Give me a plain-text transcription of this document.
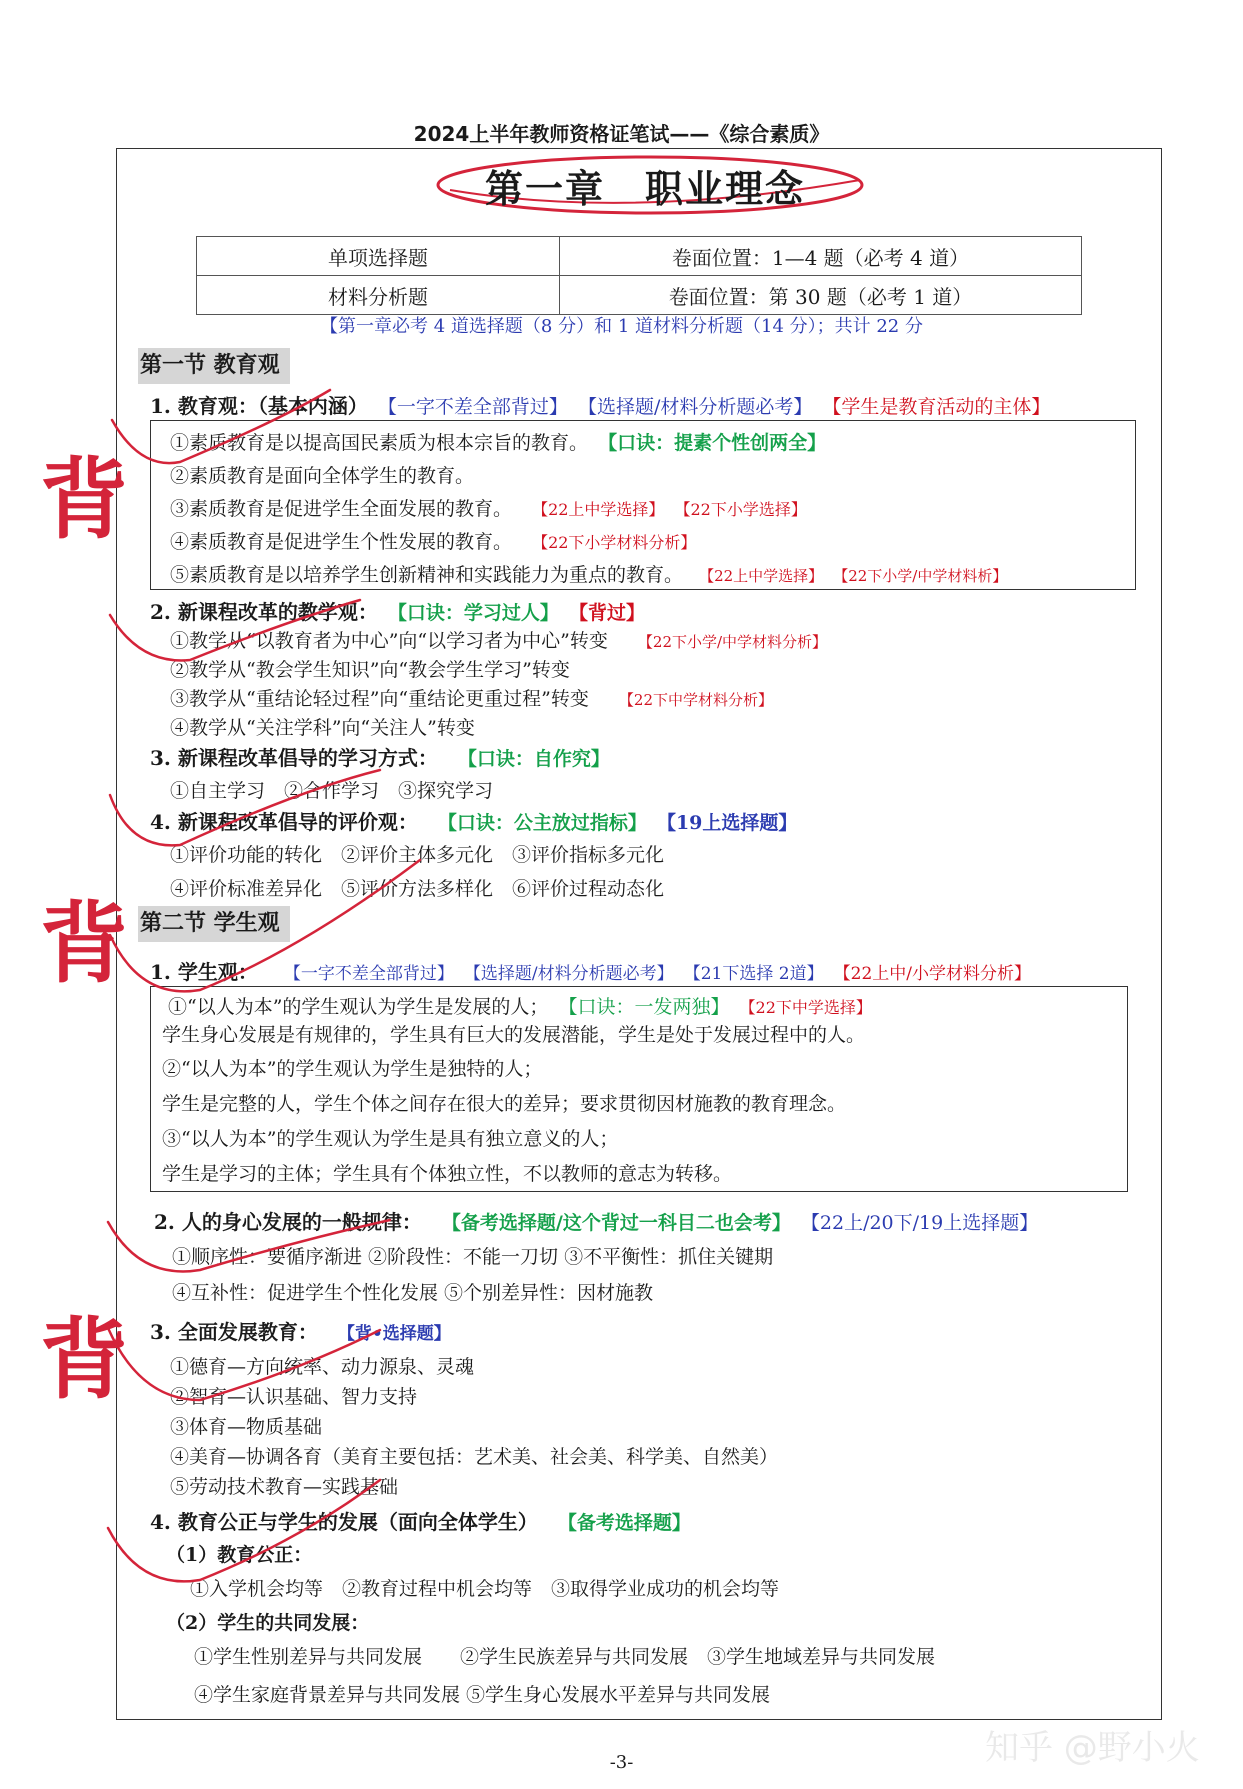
2024上半年教师资格证笔试——《综合素质》
第一章　职业理念
单项选择题	卷面位置：1—4 题（必考 4 道）
材料分析题	卷面位置：第 30 题（必考 1 道）
【第一章必考 4 道选择题（8 分）和 1 道材料分析题（14 分）；共计 22 分
第一节 教育观
1. 教育观：（基本内涵） 【一字不差全部背过】 【选择题/材料分析题必考】 【学生是教育活动的主体】
①素质教育是以提高国民素质为根本宗旨的教育。 【口诀：提素个性创两全】
②素质教育是面向全体学生的教育。
③素质教育是促进学生全面发展的教育。 【22上中学选择】 【22下小学选择】
④素质教育是促进学生个性发展的教育。 【22下小学材料分析】
⑤素质教育是以培养学生创新精神和实践能力为重点的教育。 【22上中学选择】 【22下小学/中学材料析】
2. 新课程改革的教学观： 【口诀：学习过人】 【背过】
①教学从“以教育者为中心”向“以学习者为中心”转变 【22下小学/中学材料分析】
②教学从“教会学生知识”向“教会学生学习”转变
③教学从“重结论轻过程”向“重结论更重过程”转变 【22下中学材料分析】
④教学从“关注学科”向“关注人”转变
3. 新课程改革倡导的学习方式： 【口诀：自作究】
①自主学习　②合作学习　③探究学习
4. 新课程改革倡导的评价观： 【口诀：公主放过指标】 【19上选择题】
①评价功能的转化　②评价主体多元化　③评价指标多元化
④评价标准差异化　⑤评价方法多样化　⑥评价过程动态化
第二节 学生观
1. 学生观： 【一字不差全部背过】 【选择题/材料分析题必考】 【21下选择 2道】 【22上中/小学材料分析】
①“以人为本”的学生观认为学生是发展的人； 【口诀：一发两独】 【22下中学选择】
学生身心发展是有规律的，学生具有巨大的发展潜能，学生是处于发展过程中的人。
②“以人为本”的学生观认为学生是独特的人；
学生是完整的人，学生个体之间存在很大的差异；要求贯彻因材施教的教育理念。
③“以人为本”的学生观认为学生是具有独立意义的人；
学生是学习的主体；学生具有个体独立性，不以教师的意志为转移。
2. 人的身心发展的一般规律： 【备考选择题/这个背过一科目二也会考】 【22上/20下/19上选择题】
①顺序性：要循序渐进 ②阶段性：不能一刀切 ③不平衡性：抓住关键期
④互补性：促进学生个性化发展 ⑤个别差异性：因材施教
3. 全面发展教育： 【背•选择题】
①德育—方向统率、动力源泉、灵魂
②智育—认识基础、智力支持
③体育—物质基础
④美育—协调各育（美育主要包括：艺术美、社会美、科学美、自然美）
⑤劳动技术教育—实践基础
4. 教育公正与学生的发展（面向全体学生） 【备考选择题】
（1）教育公正：
①入学机会均等　②教育过程中机会均等　③取得学业成功的机会均等
（2）学生的共同发展：
①学生性别差异与共同发展　　②学生民族差异与共同发展　③学生地域差异与共同发展
④学生家庭背景差异与共同发展 ⑤学生身心发展水平差异与共同发展
背
背
背
-3-	知乎 @野小火
